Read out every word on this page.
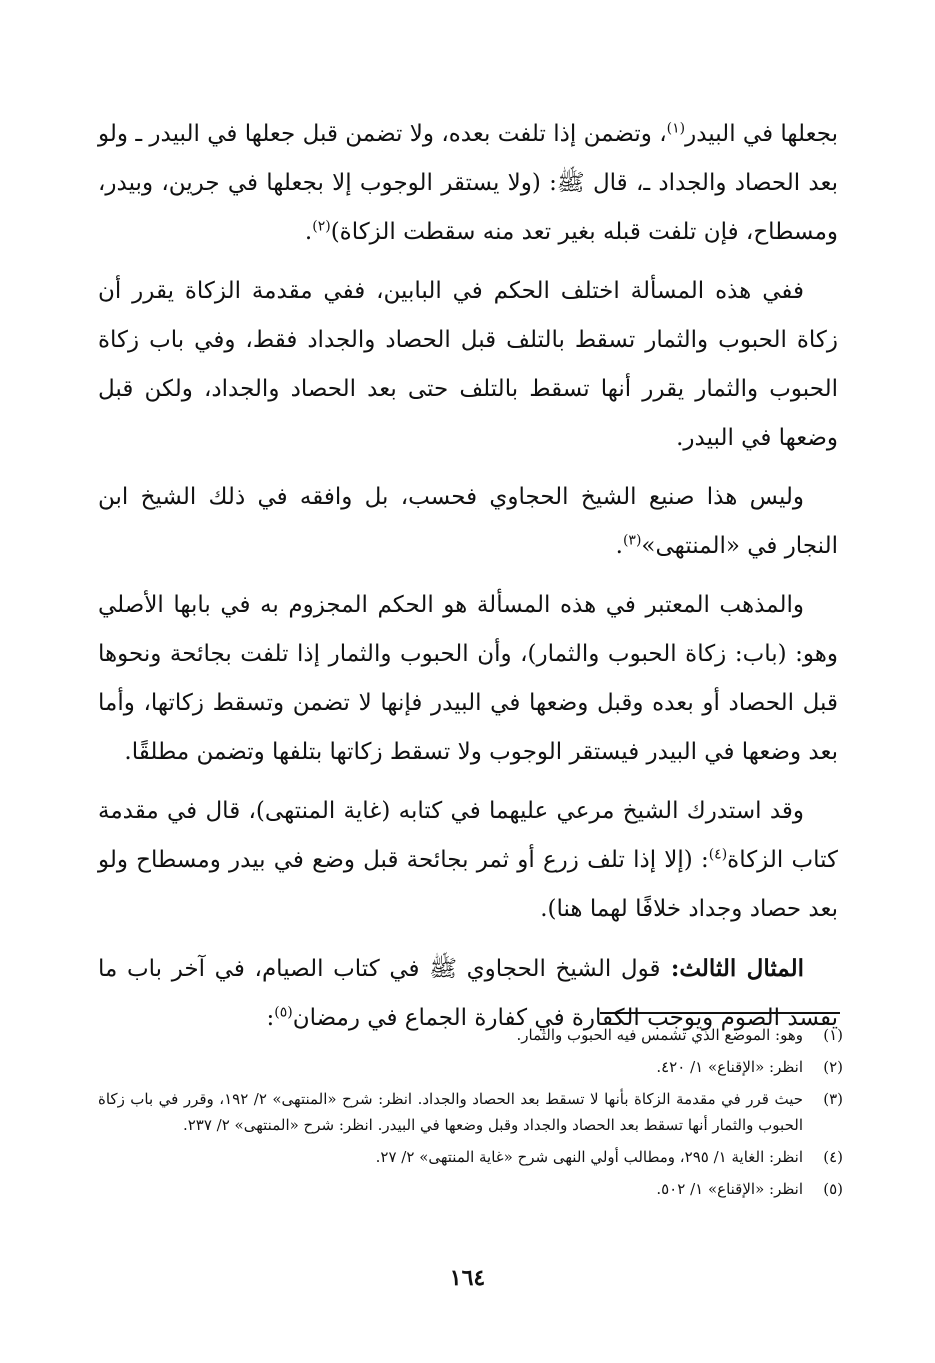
بجعلها في البيدر$^{(١)}$، وتضمن إذا تلفت بعده، ولا تضمن قبل جعلها في البيدر ـ ولو بعد الحصاد والجداد ـ، قال ﷺ: (ولا يستقر الوجوب إلا بجعلها في جرين، وبيدر، ومسطاح، فإن تلفت قبله بغير تعد منه سقطت الزكاة)$^{(٢)}$.

ففي هذه المسألة اختلف الحكم في البابين، ففي مقدمة الزكاة يقرر أن زكاة الحبوب والثمار تسقط بالتلف قبل الحصاد والجداد فقط، وفي باب زكاة الحبوب والثمار يقرر أنها تسقط بالتلف حتى بعد الحصاد والجداد، ولكن قبل وضعها في البيدر.

وليس هذا صنيع الشيخ الحجاوي فحسب، بل وافقه في ذلك الشيخ ابن النجار في «المنتهى»$^{(٣)}$.

والمذهب المعتبر في هذه المسألة هو الحكم المجزوم به في بابها الأصلي وهو: (باب: زكاة الحبوب والثمار)، وأن الحبوب والثمار إذا تلفت بجائحة ونحوها قبل الحصاد أو بعده وقبل وضعها في البيدر فإنها لا تضمن وتسقط زكاتها، وأما بعد وضعها في البيدر فيستقر الوجوب ولا تسقط زكاتها بتلفها وتضمن مطلقًا.

وقد استدرك الشيخ مرعي عليهما في كتابه (غاية المنتهى)، قال في مقدمة كتاب الزكاة$^{(٤)}$: (إلا إذا تلف زرع أو ثمر بجائحة قبل وضع في بيدر ومسطاح ولو بعد حصاد وجداد خلافًا لهما هنا).

المثال الثالث: قول الشيخ الحجاوي ﷺ في كتاب الصيام، في آخر باب ما يفسد الصوم ويوجب الكفارة في كفارة الجماع في رمضان$^{(٥)}$:

(١)
وهو: الموضع الذي تشمس فيه الحبوب والثمار.
(٢)
انظر: «الإقناع» ١/ ٤٢٠.
(٣)
حيث قرر في مقدمة الزكاة بأنها لا تسقط بعد الحصاد والجداد. انظر: شرح «المنتهى» ٢/ ١٩٢، وقرر في باب زكاة الحبوب والثمار أنها تسقط بعد الحصاد والجداد وقبل وضعها في البيدر. انظر: شرح «المنتهى» ٢/ ٢٣٧.
(٤)
انظر: الغاية ١/ ٢٩٥، ومطالب أولي النهى شرح «غاية المنتهى» ٢/ ٢٧.
(٥)
انظر: «الإقناع» ١/ ٥٠٢.
١٦٤
